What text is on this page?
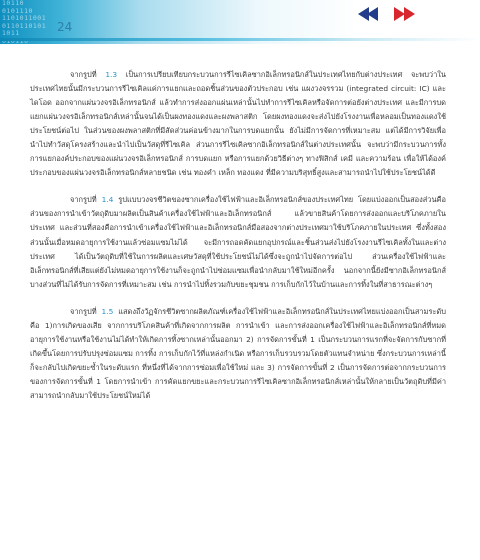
10110
0101110
1101011001
0110110101
1011	24

จากรูปที่ 1.3 เป็นการเปรียบเทียบกระบวนการรีไซเคิลซากอิเล็กทรอนิกส์ในประเทศไทยกับต่างประเทศ จะพบว่าในประเทศไทยนั้นมีกระบวนการรีไซเคิลแค่การแยกและถอดชิ้นส่วนของตัวประกอบ เช่น แผงวงจรรวม (integrated circuit: IC) และไดโอด ออกจากแผ่นวงจรอิเล็กทรอนิกส์ แล้วทำการส่งออกแผ่นเหล่านั้นไปทำการรีไซเคิลหรือจัดการต่อยังต่างประเทศ และมีการบดแยกแผ่นวงจรอิเล็กทรอนิกส์เหล่านั้นจนได้เป็นผงทองแดงและผงพลาสติก โดยผงทองแดงจะส่งไปยังโรงงานเพื่อหลอมเป็นทองแดงใช้ประโยชน์ต่อไป ในส่วนของผงพลาสติกที่มีสัดส่วนค่อนข้างมากในการบดแยกนั้น ยังไม่มีการจัดการที่เหมาะสม แต่ได้มีการวิจัยเพื่อนำไปทำวัสดุโครงสร้างและนำไปเป็นวัสดุที่รีไซเคิล ส่วนการรีไซเคิลซากอิเล็กทรอนิกส์ในต่างประเทศนั้น จะพบว่ามีกระบวนการทั้งการแยกองค์ประกอบของแผ่นวงจรอิเล็กทรอนิกส์ การบดแยก หรือการแยกด้วยวิธีต่างๆ ทางฟิสิกส์ เคมี และความร้อน เพื่อให้ได้องค์ประกอบของแผ่นวงจรอิเล็กทรอนิกส์หลายชนิด เช่น ทองคำ เหล็ก ทองแดง ที่มีความบริสุทธิ์สูงและสามารถนำไปใช้ประโยชน์ได้ดี

จากรูปที่ 1.4 รูปแบบวงจรชีวิตของซากเครื่องใช้ไฟฟ้าและอิเล็กทรอนิกส์ของประเทศไทย โดยแบ่งออกเป็นสองส่วนคือ ส่วนของการนำเข้าวัตถุดิบมาผลิตเป็นสินค้าเครื่องใช้ไฟฟ้าและอิเล็กทรอนิกส์ แล้วขายสินค้าโดยการส่งออกและบริโภคภายในประเทศ และส่วนที่สองคือการนำเข้าเครื่องใช้ไฟฟ้าและอิเล็กทรอนิกส์มือสองจากต่างประเทศมาใช้บริโภคภายในประเทศ ซึ่งทั้งสองส่วนนั้นเมื่อหมดอายุการใช้งานแล้วซ่อมแซมไม่ได้ จะมีการถอดคัดแยกอุปกรณ์และชิ้นส่วนส่งไปยังโรงงานรีไซเคิลทั้งในและต่างประเทศ ได้เป็นวัตถุดิบที่ใช้ในการผลิตและเศษวัสดุที่ใช้ประโยชน์ไม่ได้ซึ่งจะถูกนำไปจัดการต่อไป ส่วนเครื่องใช้ไฟฟ้าและอิเล็กทรอนิกส์ที่เสียแต่ยังไม่หมดอายุการใช้งานก็จะถูกนำไปซ่อมแซมเพื่อนำกลับมาใช้ใหม่อีกครั้ง นอกจากนี้ยังมีซากอิเล็กทรอนิกส์บางส่วนที่ไม่ได้รับการจัดการที่เหมาะสม เช่น การนำไปทิ้งรวมกับขยะชุมชน การเก็บกักไว้ในบ้านและการทิ้งในที่สาธารณะต่างๆ

จากรูปที่ 1.5 แสดงถึงวัฏจักรชีวิตซากผลิตภัณฑ์เครื่องใช้ไฟฟ้าและอิเล็กทรอนิกส์ในประเทศไทยแบ่งออกเป็นสามระดับคือ 1)การเกิดของเสีย จากการบริโภคสินค้าที่เกิดจากการผลิต การนำเข้า และการส่งออกเครื่องใช้ไฟฟ้าและอิเล็กทรอนิกส์ที่หมดอายุการใช้งานหรือใช้งานไม่ได้ทำให้เกิดการทิ้งซากเหล่านั้นออกมา 2) การจัดการขั้นที่ 1 เป็นกระบวนการแรกที่จะจัดการกับซากที่เกิดขึ้นโดยการปรับปรุงซ่อมแซม การทิ้ง การเก็บกักไว้ที่แหล่งกำเนิด หรือการเก็บรวบรวมโดยตัวแทนจำหน่าย ซึ่งกระบวนการเหล่านี้ก็จะกลับไปเกิดขยะซ้ำในระดับแรก ที่หนึ่งที่ได้จากการซ่อมเพื่อใช้ใหม่ และ 3) การจัดการขั้นที่ 2 เป็นการจัดการต่อจากกระบวนการของการจัดการขั้นที่ 1 โดยการนำเข้า การคัดแยกขยะและกระบวนการรีไซเคิลซากอิเล็กทรอนิกส์เหล่านั้นให้กลายเป็นวัตถุดิบที่มีค่าสามารถนำกลับมาใช้ประโยชน์ใหม่ได้
